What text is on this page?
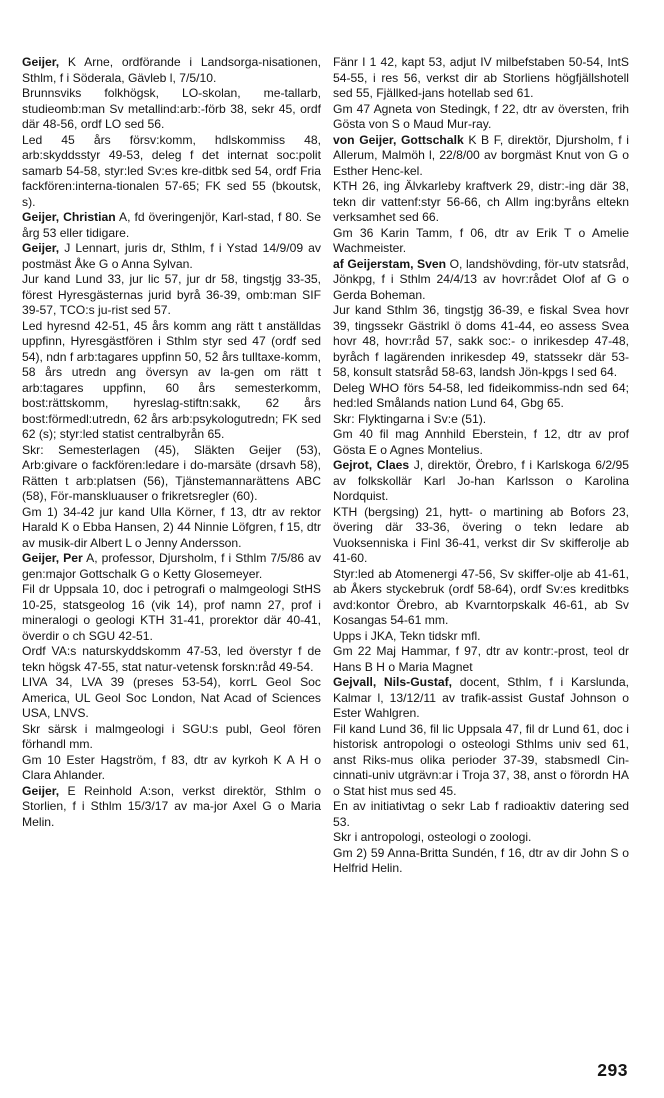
Geijer, K Arne, ordförande i Landsorga-nisationen, Sthlm, f i Söderala, Gävleb l, 7/5/10.

Brunnsviks folkhögsk, LO-skolan, me-tallarb, studieomb:man Sv metallind:arb:-förb 38, sekr 45, ordf där 48-56, ordf LO sed 56.

Led 45 års försv:komm, hdlskommiss 48, arb:skyddsstyr 49-53, deleg f det internat soc:polit samarb 54-58, styr:led Sv:es kre-ditbk sed 54, ordf Fria fackfören:interna-tionalen 57-65; FK sed 55 (bkoutsk, s).

Geijer, Christian A, fd överingenjör, Karl-stad, f 80. Se årg 53 eller tidigare.

Geijer, J Lennart, juris dr, Sthlm, f i Ystad 14/9/09 av postmäst Åke G o Anna Sylvan.

Jur kand Lund 33, jur lic 57, jur dr 58, tingstjg 33-35, förest Hyresgästernas jurid byrå 36-39, omb:man SIF 39-57, TCO:s ju-rist sed 57.

Led hyresnd 42-51, 45 års komm ang rätt t anställdas uppfinn, Hyresgästfören i Sthlm styr sed 47 (ordf sed 54), ndn f arb:tagares uppfinn 50, 52 års tulltaxe-komm, 58 års utredn ang översyn av la-gen om rätt t arb:tagares uppfinn, 60 års semesterkomm, bost:rättskomm, hyreslag-stiftn:sakk, 62 års bost:förmedl:utredn, 62 års arb:psykologutredn; FK sed 62 (s); styr:led statist centralbyrån 65.

Skr: Semesterlagen (45), Släkten Geijer (53), Arb:givare o fackfören:ledare i do-marsäte (drsavh 58), Rätten t arb:platsen (56), Tjänstemannarättens ABC (58), För-manskluauser o frikretsregler (60).

Gm 1) 34-42 jur kand Ulla Körner, f 13, dtr av rektor Harald K o Ebba Hansen, 2) 44 Ninnie Löfgren, f 15, dtr av musik-dir Albert L o Jenny Andersson.

Geijer, Per A, professor, Djursholm, f i Sthlm 7/5/86 av gen:major Gottschalk G o Ketty Glosemeyer.

Fil dr Uppsala 10, doc i petrografi o malmgeologi StHS 10-25, statsgeolog 16 (vik 14), prof namn 27, prof i mineralogi o geologi KTH 31-41, prorektor där 40-41, överdir o ch SGU 42-51.

Ordf VA:s naturskyddskomm 47-53, led överstyr f de tekn högsk 47-55, stat natur-vetensk forskn:råd 49-54.

LIVA 34, LVA 39 (preses 53-54), korrL Geol Soc America, UL Geol Soc London, Nat Acad of Sciences USA, LNVS.

Skr särsk i malmgeologi i SGU:s publ, Geol fören förhandl mm.

Gm 10 Ester Hagström, f 83, dtr av kyrkoh K A H o Clara Ahlander.

Geijer, E Reinhold A:son, verkst direktör, Sthlm o Storlien, f i Sthlm 15/3/17 av ma-jor Axel G o Maria Melin.

Fänr I 1 42, kapt 53, adjut IV milbefstaben 50-54, IntS 54-55, i res 56, verkst dir ab Storliens högfjällshotell sed 55, Fjällked-jans hotellab sed 61.

Gm 47 Agneta von Stedingk, f 22, dtr av översten, frih Gösta von S o Maud Mur-ray.

von Geijer, Gottschalk K B F, direktör, Djursholm, f i Allerum, Malmöh l, 22/8/00 av borgmäst Knut von G o Esther Henc-kel.

KTH 26, ing Älvkarleby kraftverk 29, distr:-ing där 38, tekn dir vattenf:styr 56-66, ch Allm ing:byråns eltekn verksamhet sed 66.

Gm 36 Karin Tamm, f 06, dtr av Erik T o Amelie Wachmeister.

af Geijerstam, Sven O, landshövding, för-utv statsråd, Jönkpg, f i Sthlm 24/4/13 av hovr:rådet Olof af G o Gerda Boheman.

Jur kand Sthlm 36, tingstjg 36-39, e fiskal Svea hovr 39, tingssekr Gästrikl ö doms 41-44, eo assess Svea hovr 48, hovr:råd 57, sakk soc:- o inrikesdep 47-48, byråch f lagärenden inrikesdep 49, statssekr där 53-58, konsult statsråd 58-63, landsh Jön-kpgs l sed 64.

Deleg WHO förs 54-58, led fideikommiss-ndn sed 64; hed:led Smålands nation Lund 64, Gbg 65.

Skr: Flyktingarna i Sv:e (51).

Gm 40 fil mag Annhild Eberstein, f 12, dtr av prof Gösta E o Agnes Montelius.

Gejrot, Claes J, direktör, Örebro, f i Karlskoga 6/2/95 av folkskollär Karl Jo-han Karlsson o Karolina Nordquist.

KTH (bergsing) 21, hytt- o martining ab Bofors 23, övering där 33-36, övering o tekn ledare ab Vuoksenniska i Finl 36-41, verkst dir Sv skifferolje ab 41-60.

Styr:led ab Atomenergi 47-56, Sv skiffer-olje ab 41-61, ab Åkers styckebruk (ordf 58-64), ordf Sv:es kreditbks avd:kontor Örebro, ab Kvarntorpskalk 46-61, ab Sv Kosangas 54-61 mm.

Upps i JKA, Tekn tidskr mfl.

Gm 22 Maj Hammar, f 97, dtr av kontr:-prost, teol dr Hans B H o Maria Magnet

Gejvall, Nils-Gustaf, docent, Sthlm, f i Karslunda, Kalmar l, 13/12/11 av trafik-assist Gustaf Johnson o Ester Wahlgren.

Fil kand Lund 36, fil lic Uppsala 47, fil dr Lund 61, doc i historisk antropologi o osteologi Sthlms univ sed 61, anst Riks-mus olika perioder 37-39, stabsmedl Cin-cinnati-univ utgrävn:ar i Troja 37, 38, anst o förordn HA o Stat hist mus sed 45.

En av initiativtag o sekr Lab f radioaktiv datering sed 53.

Skr i antropologi, osteologi o zoologi.

Gm 2) 59 Anna-Britta Sundén, f 16, dtr av dir John S o Helfrid Helin.

293
